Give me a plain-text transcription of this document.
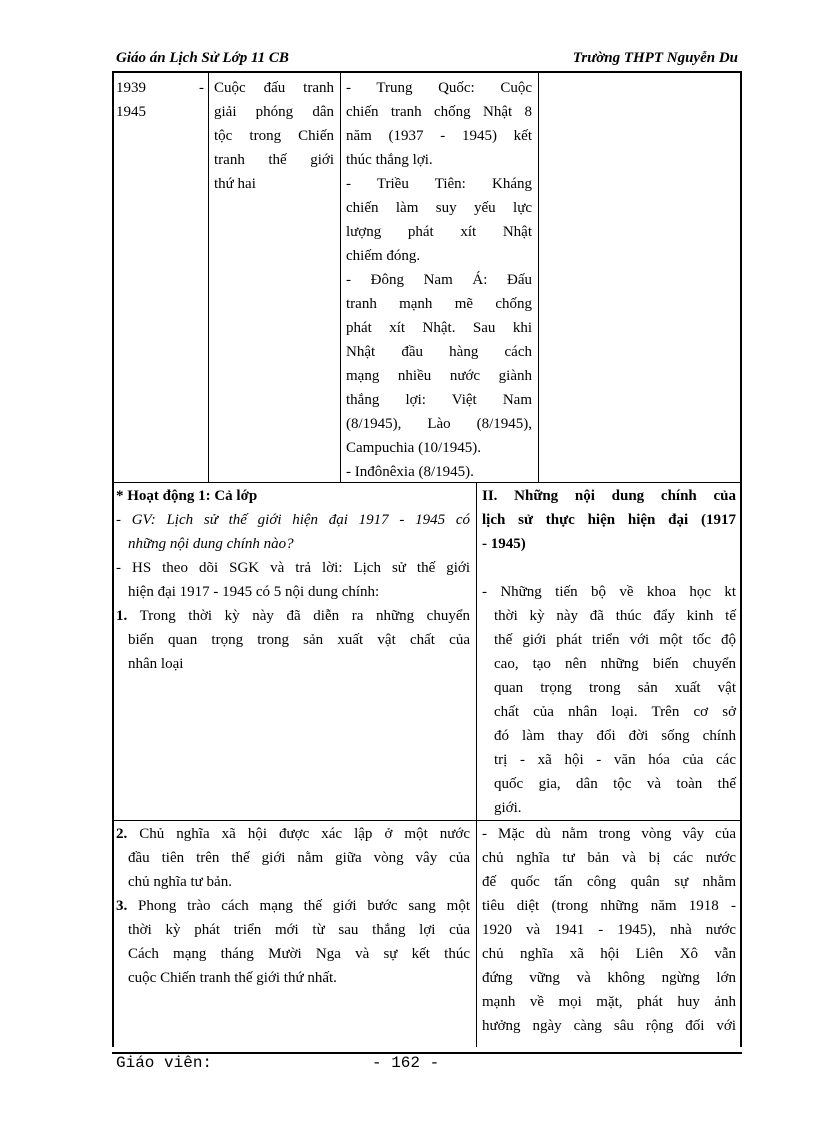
Giáo án Lịch Sử Lớp 11 CB	Trường THPT Nguyễn Du
1939 -
1945
Cuộc đấu tranh
giải phóng dân
tộc trong Chiến
tranh thế giới
thứ hai
- Trung Quốc: Cuộc
chiến tranh chống Nhật 8
năm (1937 - 1945) kết
thúc thắng lợi.
- Triều Tiên: Kháng
chiến làm suy yếu lực
lượng phát xít Nhật
chiếm đóng.
- Đông Nam Á: Đấu
tranh mạnh mẽ chống
phát xít Nhật. Sau khi
Nhật đầu hàng cách
mạng nhiều nước giành
thắng lợi: Việt Nam
(8/1945), Lào (8/1945),
Campuchia (10/1945).
- Inđônêxia (8/1945).
* Hoạt động 1: Cả lớp
- GV: Lịch sử thế giới hiện đại 1917 - 1945 có
những nội dung chính nào?
- HS theo dõi SGK và trả lời: Lịch sử thế giới
hiện đại 1917 - 1945 có 5 nội dung chính:
1. Trong thời kỳ này đã diễn ra những chuyển
biến quan trọng trong sản xuất vật chất của
nhân loại
II. Những nội dung chính của
lịch sử thực hiện hiện đại (1917
- 1945)
- Những tiến bộ về khoa học kt
thời kỳ này đã thúc đẩy kinh tế
thế giới phát triển với một tốc độ
cao, tạo nên những biến chuyển
quan trọng trong sản xuất vật
chất của nhân loại. Trên cơ sở
đó làm thay đổi đời sống chính
trị - xã hội - văn hóa của các
quốc gia, dân tộc và toàn thế
giới.
2. Chủ nghĩa xã hội được xác lập ở một nước
đầu tiên trên thế giới nằm giữa vòng vây của
chủ nghĩa tư bản.
3. Phong trào cách mạng thế giới bước sang một
thời kỳ phát triển mới từ sau thắng lợi của
Cách mạng tháng Mười Nga và sự kết thúc
cuộc Chiến tranh thế giới thứ nhất.
- Mặc dù nằm trong vòng vây của
chủ nghĩa tư bản và bị các nước
đế quốc tấn công quân sự nhằm
tiêu diệt (trong những năm 1918 -
1920 và 1941 - 1945), nhà nước
chủ nghĩa xã hội Liên Xô vẫn
đứng vững và không ngừng lớn
mạnh về mọi mặt, phát huy ảnh
hưởng ngày càng sâu rộng đối với
Giáo viên:	- 162 -
